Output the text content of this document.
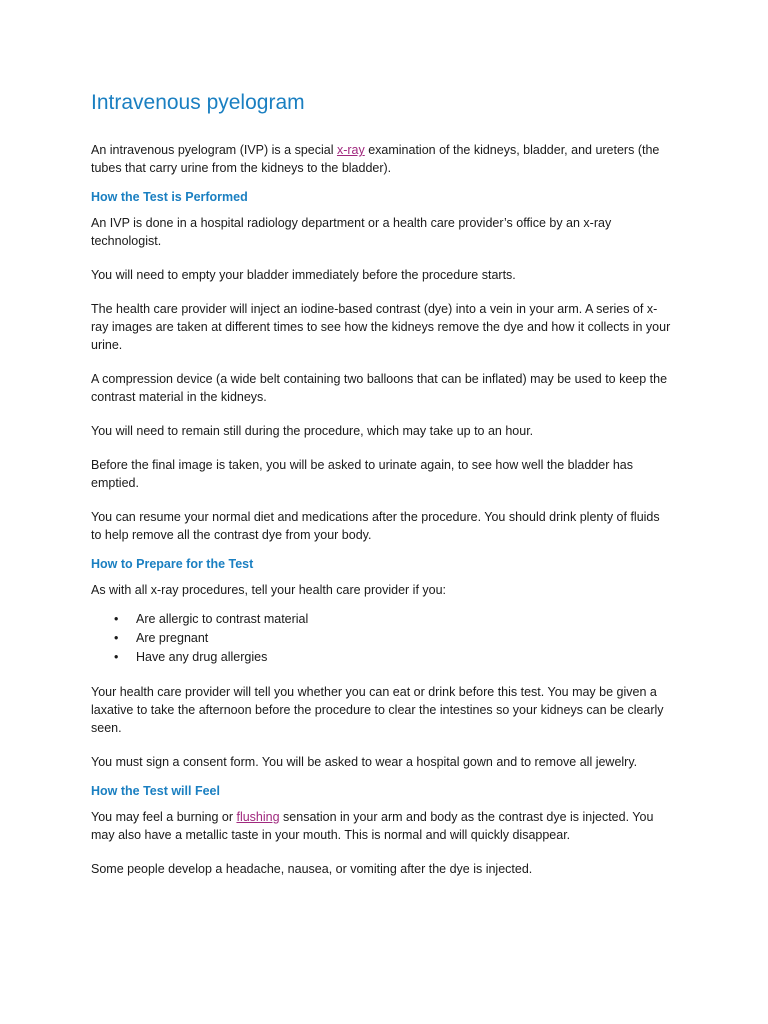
Intravenous pyelogram

An intravenous pyelogram (IVP) is a special x-ray examination of the kidneys, bladder, and ureters (the tubes that carry urine from the kidneys to the bladder).

How the Test is Performed

An IVP is done in a hospital radiology department or a health care provider’s office by an x-ray technologist.

You will need to empty your bladder immediately before the procedure starts.

The health care provider will inject an iodine-based contrast (dye) into a vein in your arm. A series of x-ray images are taken at different times to see how the kidneys remove the dye and how it collects in your urine.

A compression device (a wide belt containing two balloons that can be inflated) may be used to keep the contrast material in the kidneys.

You will need to remain still during the procedure, which may take up to an hour.

Before the final image is taken, you will be asked to urinate again, to see how well the bladder has emptied.

You can resume your normal diet and medications after the procedure. You should drink plenty of fluids to help remove all the contrast dye from your body.

How to Prepare for the Test

As with all x-ray procedures, tell your health care provider if you:

• Are allergic to contrast material
• Are pregnant
• Have any drug allergies

Your health care provider will tell you whether you can eat or drink before this test. You may be given a laxative to take the afternoon before the procedure to clear the intestines so your kidneys can be clearly seen.

You must sign a consent form. You will be asked to wear a hospital gown and to remove all jewelry.

How the Test will Feel

You may feel a burning or flushing sensation in your arm and body as the contrast dye is injected. You may also have a metallic taste in your mouth. This is normal and will quickly disappear.

Some people develop a headache, nausea, or vomiting after the dye is injected.
